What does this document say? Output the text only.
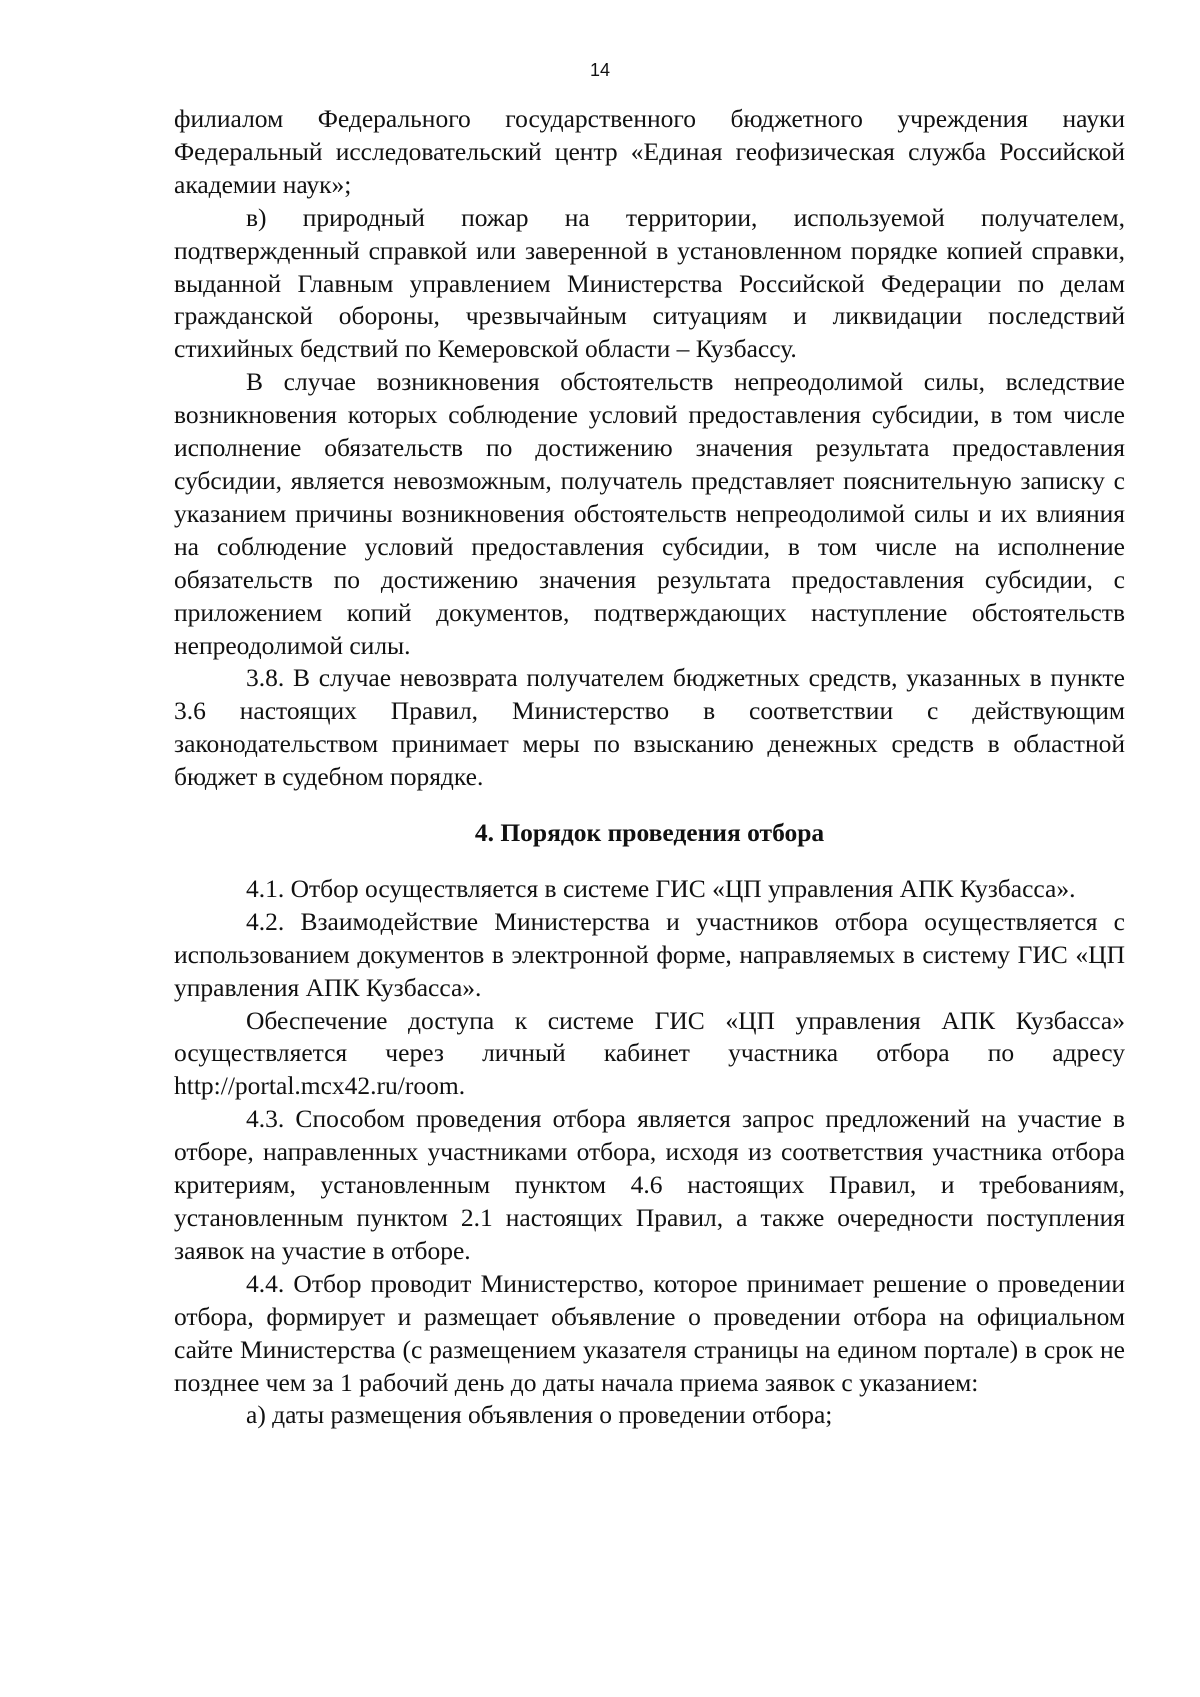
14

филиалом Федерального государственного бюджетного учреждения науки Федеральный исследовательский центр «Единая геофизическая служба Российской академии наук»;

в) природный пожар на территории, используемой получателем, подтвержденный справкой или заверенной в установленном порядке копией справки, выданной Главным управлением Министерства Российской Федерации по делам гражданской обороны, чрезвычайным ситуациям и ликвидации последствий стихийных бедствий по Кемеровской области – Кузбассу.

В случае возникновения обстоятельств непреодолимой силы, вследствие возникновения которых соблюдение условий предоставления субсидии, в том числе исполнение обязательств по достижению значения результата предоставления субсидии, является невозможным, получатель представляет пояснительную записку с указанием причины возникновения обстоятельств непреодолимой силы и их влияния на соблюдение условий предоставления субсидии, в том числе на исполнение обязательств по достижению значения результата предоставления субсидии, с приложением копий документов, подтверждающих наступление обстоятельств непреодолимой силы.

3.8. В случае невозврата получателем бюджетных средств, указанных в пункте 3.6 настоящих Правил, Министерство в соответствии с действующим законодательством принимает меры по взысканию денежных средств в областной бюджет в судебном порядке.

4. Порядок проведения отбора

4.1. Отбор осуществляется в системе ГИС «ЦП управления АПК Кузбасса».

4.2. Взаимодействие Министерства и участников отбора осуществляется с использованием документов в электронной форме, направляемых в систему ГИС «ЦП управления АПК Кузбасса».

Обеспечение доступа к системе ГИС «ЦП управления АПК Кузбасса» осуществляется через личный кабинет участника отбора по адресу http://portal.mcx42.ru/room.

4.3. Способом проведения отбора является запрос предложений на участие в отборе, направленных участниками отбора, исходя из соответствия участника отбора критериям, установленным пунктом 4.6 настоящих Правил, и требованиям, установленным пунктом 2.1 настоящих Правил, а также очередности поступления заявок на участие в отборе.

4.4. Отбор проводит Министерство, которое принимает решение о проведении отбора, формирует и размещает объявление о проведении отбора на официальном сайте Министерства (с размещением указателя страницы на едином портале) в срок не позднее чем за 1 рабочий день до даты начала приема заявок с указанием:

а) даты размещения объявления о проведении отбора;
